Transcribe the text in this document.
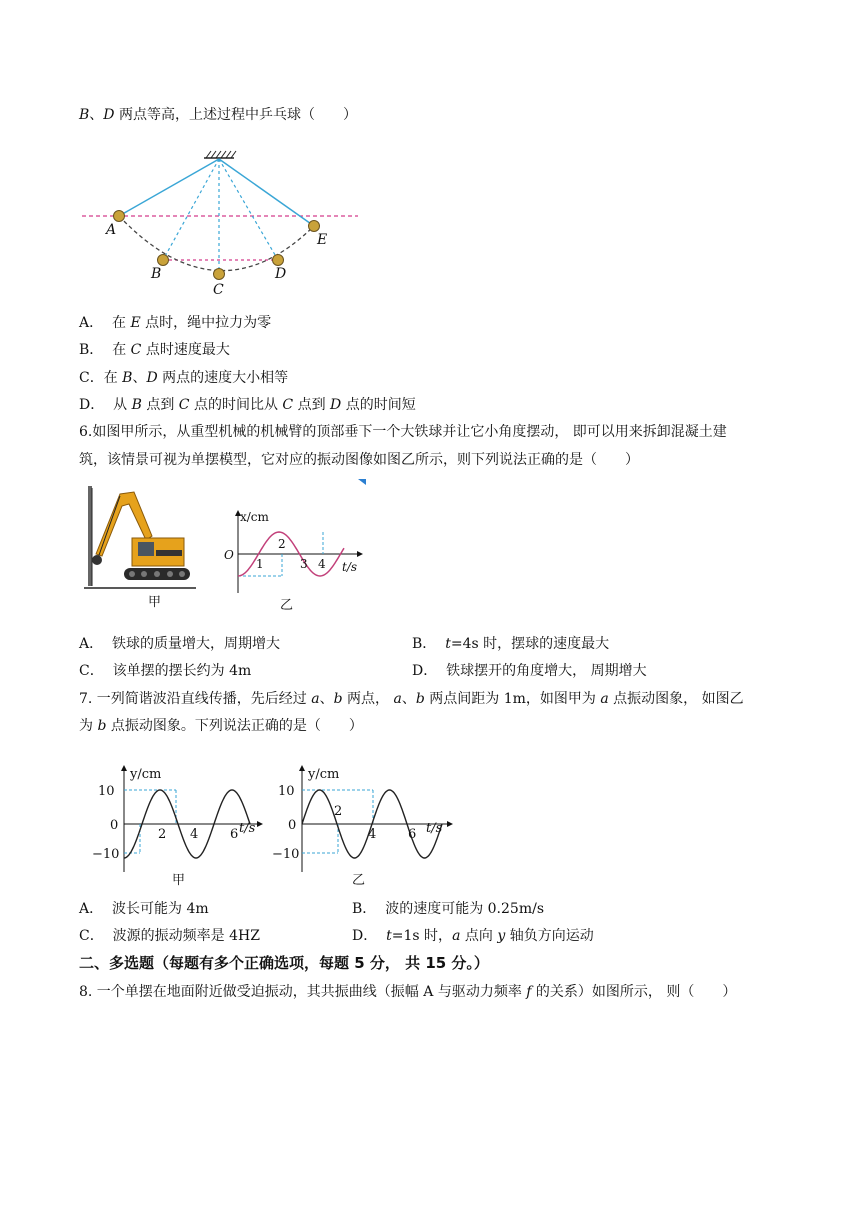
B、D 两点等高，上述过程中乒乓球（　　）
A
B
C
D
E
A． 在 E 点时，绳中拉力为零
B． 在 C 点时速度最大
C．在 B、D 两点的速度大小相等
D． 从 B 点到 C 点的时间比从 C 点到 D 点的时间短
6.如图甲所示，从重型机械的机械臂的顶部垂下一个大铁球并让它小角度摆动， 即可以用来拆卸混凝土建
筑，该情景可视为单摆模型，它对应的振动图像如图乙所示，则下列说法正确的是（　　）
甲
x/cm
O
1
2
3 4 t/s
乙
A． 铁球的质量增大，周期增大	B． t=4s 时，摆球的速度最大
C． 该单摆的摆长约为 4m	D． 铁球摆开的角度增大， 周期增大
7. 一列简谐波沿直线传播，先后经过 a、b 两点， a、b 两点间距为 1m，如图甲为 a 点振动图象， 如图乙
为 b 点振动图象。下列说法正确的是（　　）
y/cm
10
0
−10
2 4 6 t/s
甲
y/cm
10
0
−10
2
4 6 t/s
乙
A． 波长可能为 4m	B． 波的速度可能为 0.25m/s
C． 波源的振动频率是 4HZ	D． t=1s 时，a 点向 y 轴负方向运动
二、多选题（每题有多个正确选项，每题 5 分， 共 15 分。）
8. 一个单摆在地面附近做受迫振动，其共振曲线（振幅 A 与驱动力频率 f 的关系）如图所示， 则（　　）
